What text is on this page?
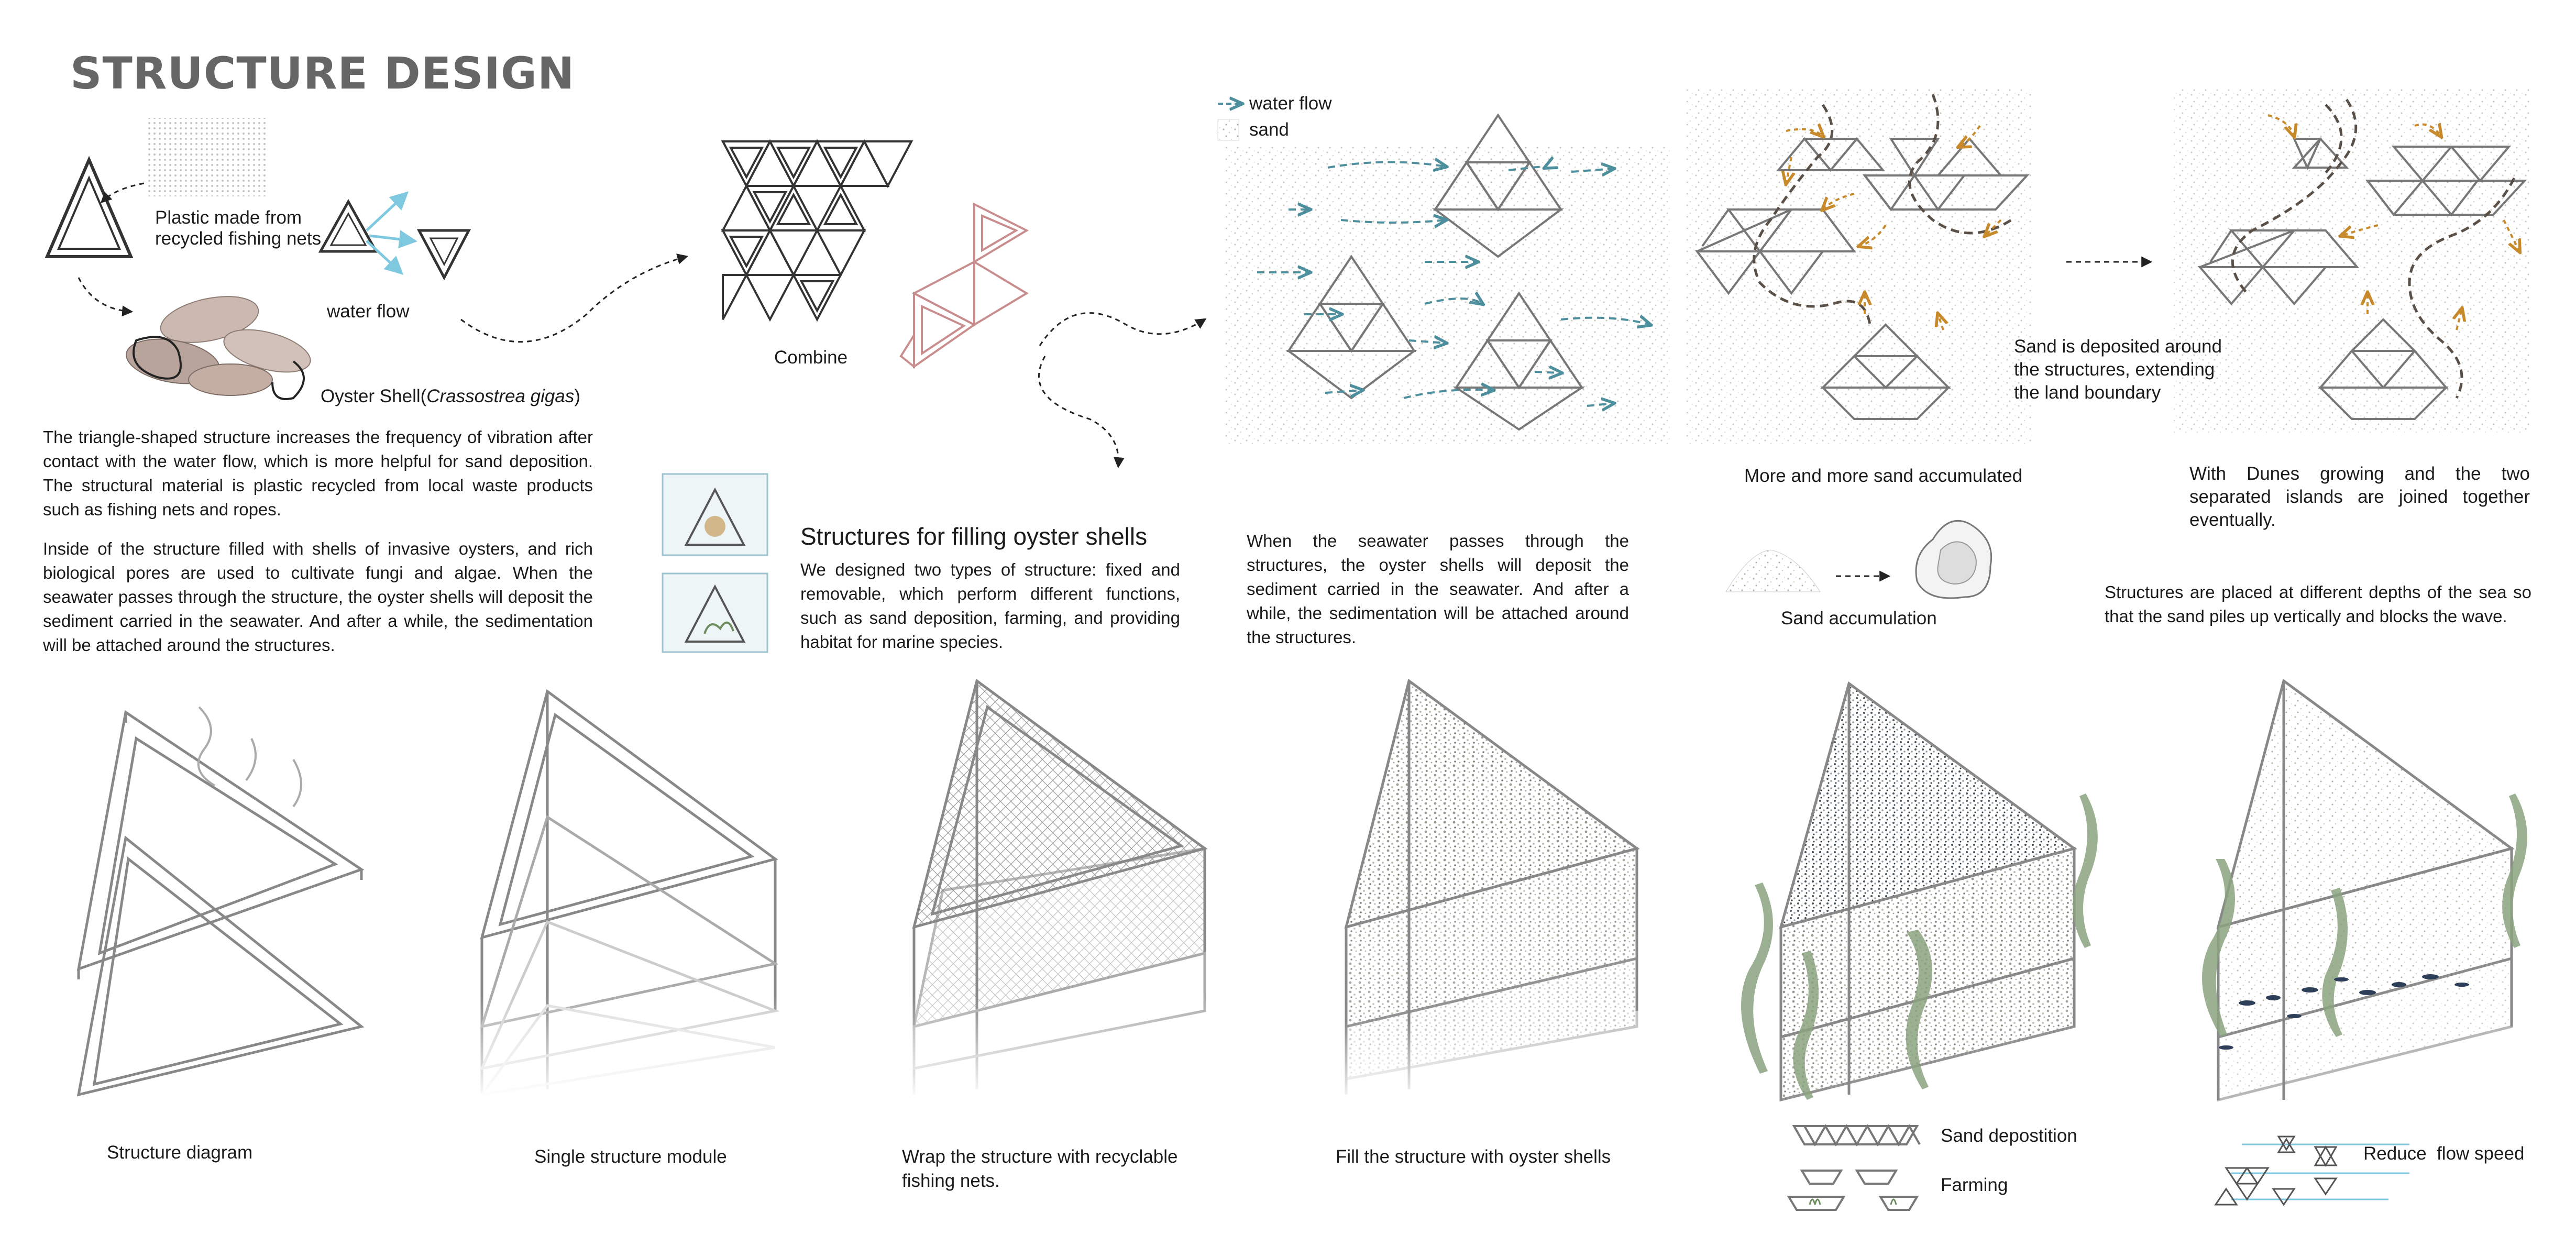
STRUCTURE DESIGN

Plastic made from recycled fishing nets

water flow

Oyster Shell(Crassostrea gigas)

The triangle-shaped structure increases the frequency of vibration after contact with the water flow, which is more helpful for sand deposition. The structural material is plastic recycled from local waste products such as fishing nets and ropes.

Inside of the structure filled with shells of invasive oysters, and rich biological pores are used to cultivate fungi and algae. When the seawater passes through the structure, the oyster shells will deposit the sediment carried in the seawater. And after a while, the sedimentation will be attached around the structures.

Combine

Structures for filling oyster shells

We designed two types of structure: fixed and removable, which perform different functions, such as sand deposition, farming, and providing habitat for marine species.

water flow

sand

When the seawater passes through the structures, the oyster shells will deposit the sediment carried in the seawater. And after a while, the sedimentation will be attached around the structures.

More and more sand accumulated

Sand accumulation

Sand is deposited around the structures, extending the land boundary

With Dunes growing and the two separated islands are joined together eventually.

Structures are placed at different depths of the sea so that the sand piles up vertically and blocks the wave.

Structure diagram	Single structure module	Wrap the structure with recyclable fishing nets.

Fill the structure with oyster shells

Sand depostition

Farming

Reduce  flow speed
